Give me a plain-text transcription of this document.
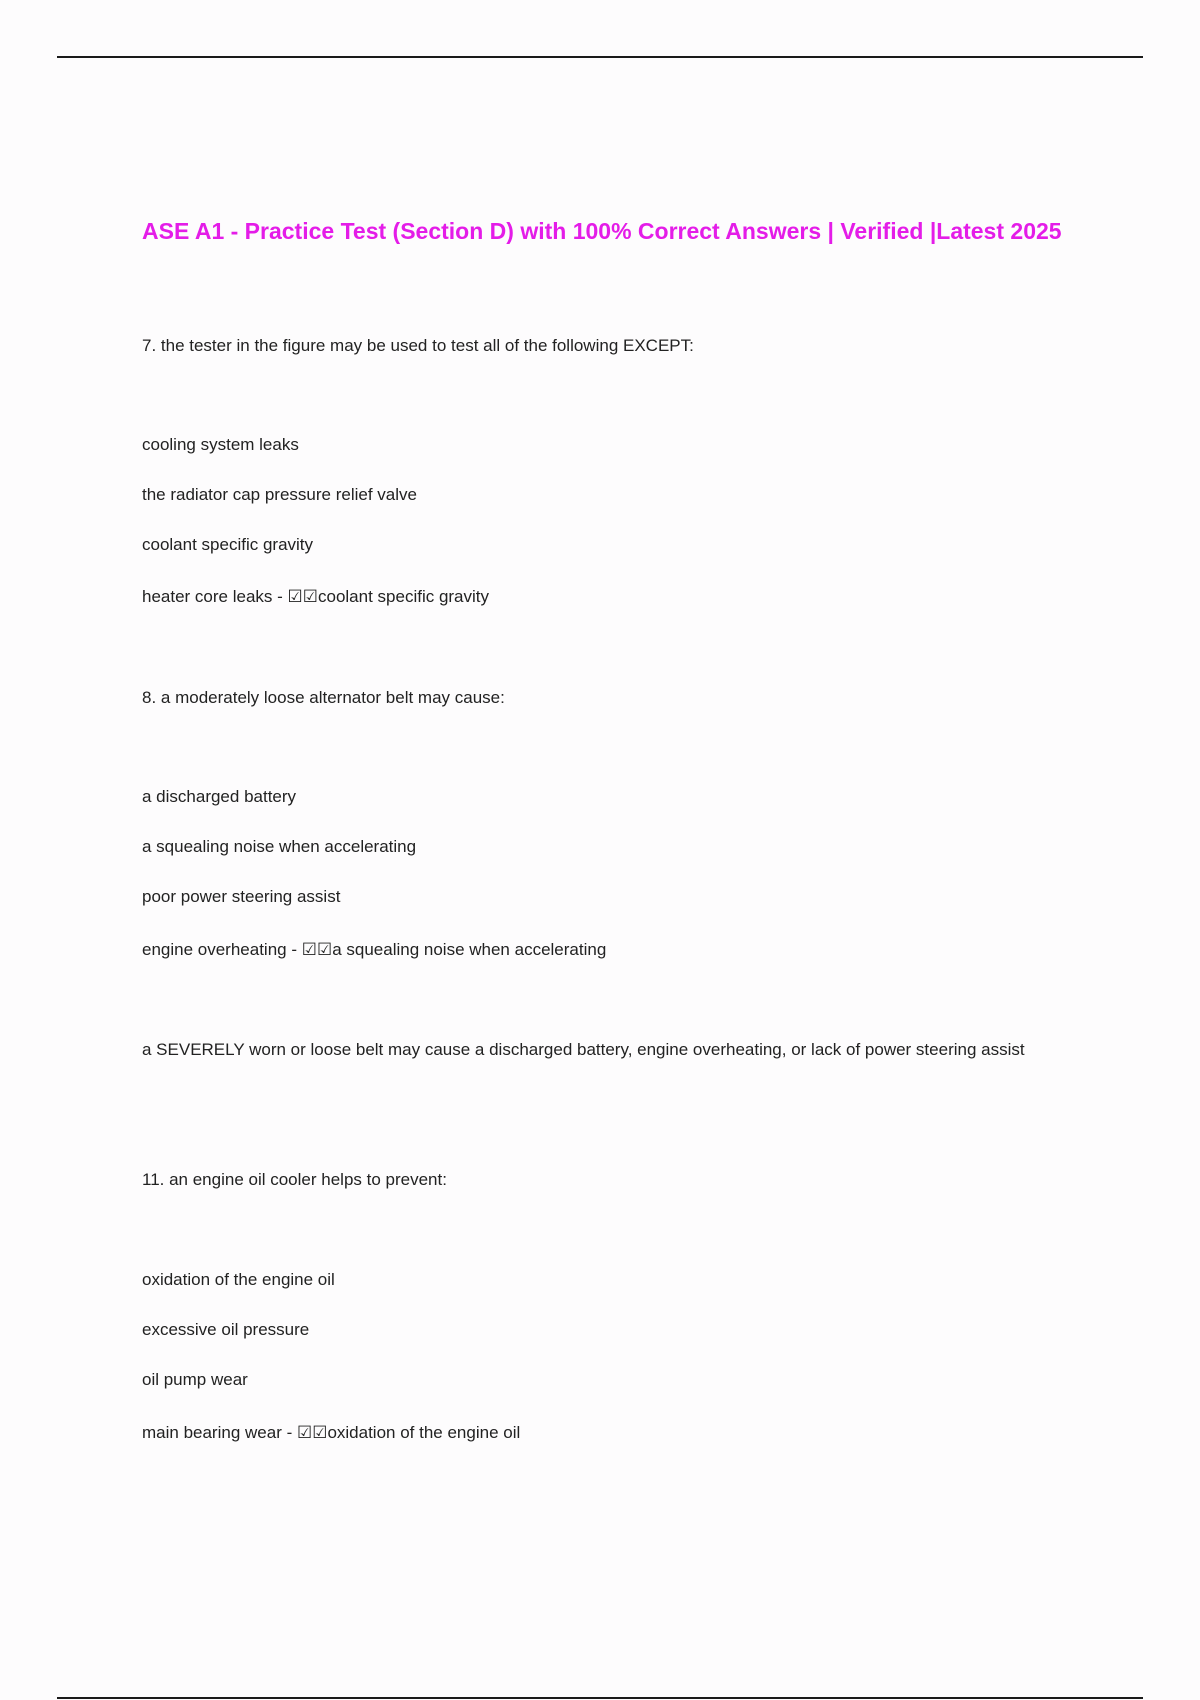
ASE A1 - Practice Test (Section D) with 100% Correct Answers | Verified |Latest 2025

7. the tester in the figure may be used to test all of the following EXCEPT:

cooling system leaks

the radiator cap pressure relief valve

coolant specific gravity

heater core leaks - ☑☑coolant specific gravity

8. a moderately loose alternator belt may cause:

a discharged battery

a squealing noise when accelerating

poor power steering assist

engine overheating - ☑☑a squealing noise when accelerating

a SEVERELY worn or loose belt may cause a discharged battery, engine overheating, or lack of power steering assist

11. an engine oil cooler helps to prevent:

oxidation of the engine oil

excessive oil pressure

oil pump wear

main bearing wear - ☑☑oxidation of the engine oil
